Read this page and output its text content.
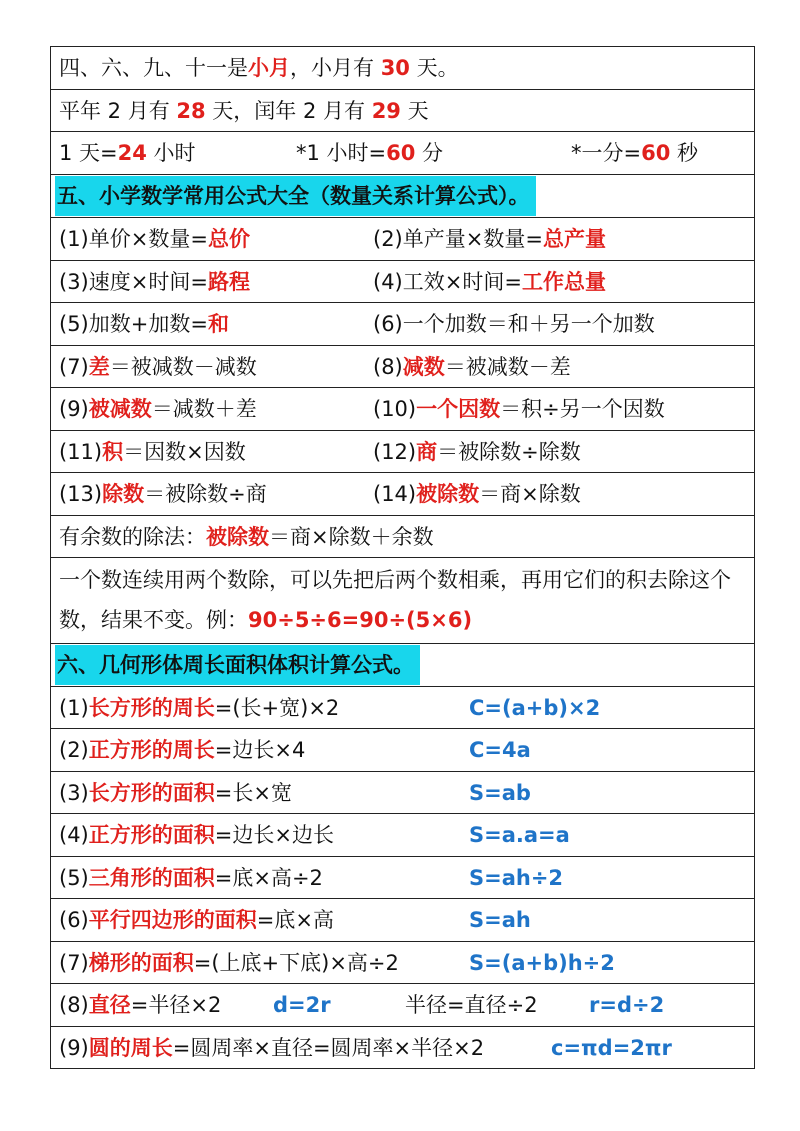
四、六、九、十一是小月，小月有 30 天。
平年 2 月有 28 天，闰年 2 月有 29 天
1 天=24 小时	*1 小时=60 分	*一分=60 秒
五、小学数学常用公式大全（数量关系计算公式）。
(1)单价×数量=总价	(2)单产量×数量=总产量
(3)速度×时间=路程	(4)工效×时间=工作总量
(5)加数+加数=和	(6)一个加数＝和＋另一个加数
(7)差＝被减数－减数	(8)减数＝被减数－差
(9)被减数＝减数＋差	(10)一个因数＝积÷另一个因数
(11)积＝因数×因数	(12)商＝被除数÷除数
(13)除数＝被除数÷商	(14)被除数＝商×除数
有余数的除法：被除数＝商×除数＋余数
一个数连续用两个数除，可以先把后两个数相乘，再用它们的积去除这个数，结果不变。例：90÷5÷6=90÷(5×6)
六、几何形体周长面积体积计算公式。
(1)长方形的周长=(长+宽)×2	C=(a+b)×2
(2)正方形的周长=边长×4	C=4a
(3)长方形的面积=长×宽	S=ab
(4)正方形的面积=边长×边长	S=a.a=a
(5)三角形的面积=底×高÷2	S=ah÷2
(6)平行四边形的面积=底×高	S=ah
(7)梯形的面积=(上底+下底)×高÷2	S=(a+b)h÷2
(8)直径=半径×2 d=2r	半径=直径÷2 r=d÷2
(9)圆的周长=圆周率×直径=圆周率×半径×2	c=πd=2πr
